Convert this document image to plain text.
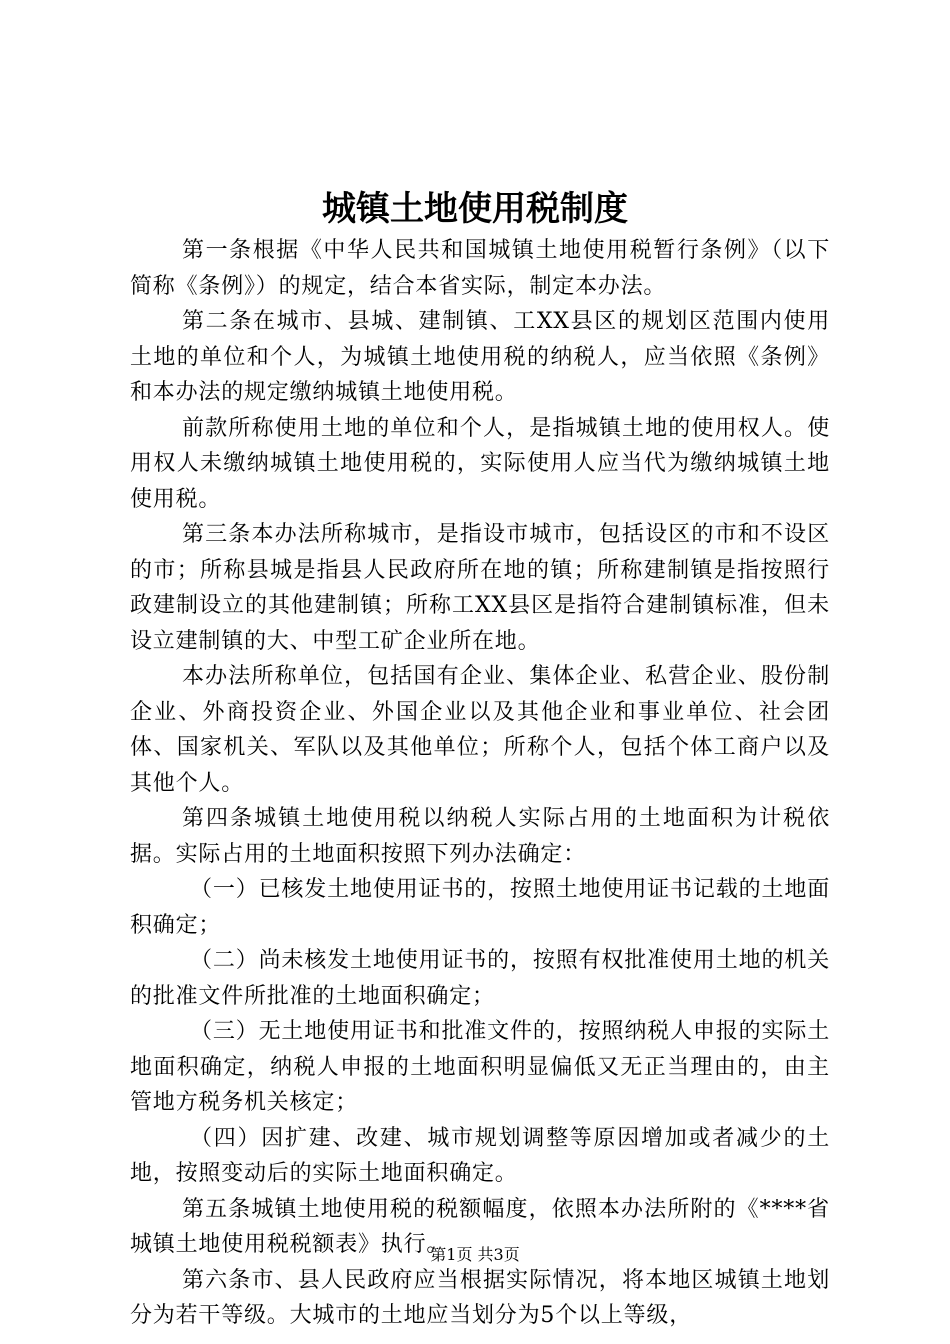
城镇土地使用税制度

第一条根据《中华人民共和国城镇土地使用税暂行条例》（以下简称《条例》）的规定，结合本省实际，制定本办法。

第二条在城市、县城、建制镇、工XX县区的规划区范围内使用土地的单位和个人，为城镇土地使用税的纳税人，应当依照《条例》和本办法的规定缴纳城镇土地使用税。

前款所称使用土地的单位和个人，是指城镇土地的使用权人。使用权人未缴纳城镇土地使用税的，实际使用人应当代为缴纳城镇土地使用税。

第三条本办法所称城市，是指设市城市，包括设区的市和不设区的市；所称县城是指县人民政府所在地的镇；所称建制镇是指按照行政建制设立的其他建制镇；所称工XX县区是指符合建制镇标准，但未设立建制镇的大、中型工矿企业所在地。

本办法所称单位，包括国有企业、集体企业、私营企业、股份制企业、外商投资企业、外国企业以及其他企业和事业单位、社会团体、国家机关、军队以及其他单位；所称个人，包括个体工商户以及其他个人。

第四条城镇土地使用税以纳税人实际占用的土地面积为计税依据。实际占用的土地面积按照下列办法确定：

（一）已核发土地使用证书的，按照土地使用证书记载的土地面积确定；

（二）尚未核发土地使用证书的，按照有权批准使用土地的机关的批准文件所批准的土地面积确定；

（三）无土地使用证书和批准文件的，按照纳税人申报的实际土地面积确定，纳税人申报的土地面积明显偏低又无正当理由的，由主管地方税务机关核定；

（四）因扩建、改建、城市规划调整等原因增加或者减少的土地，按照变动后的实际土地面积确定。

第五条城镇土地使用税的税额幅度，依照本办法所附的《****省城镇土地使用税税额表》执行。

第六条市、县人民政府应当根据实际情况，将本地区城镇土地划分为若干等级。大城市的土地应当划分为5个以上等级，

第1页 共3页
